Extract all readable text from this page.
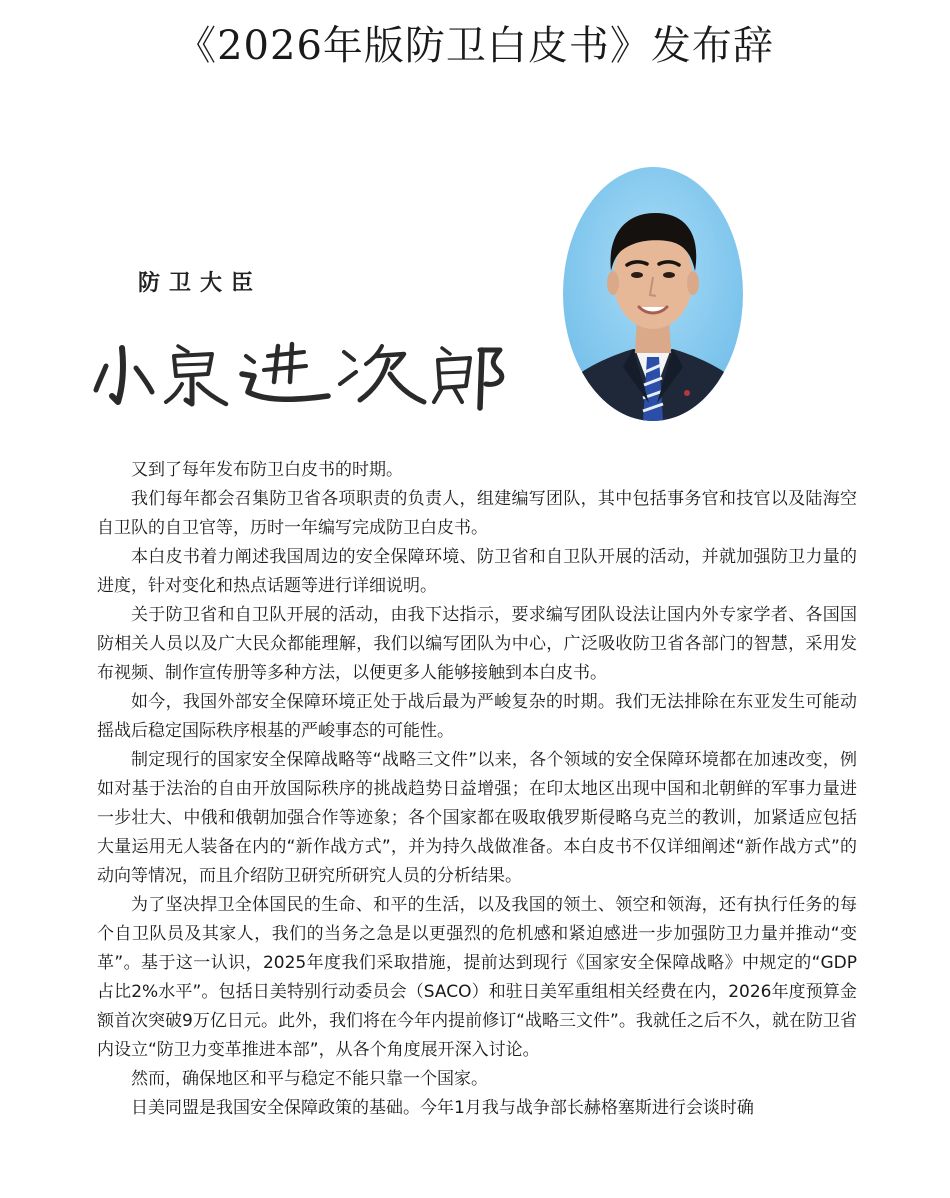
《2026年版防卫白皮书》发布辞
防卫大臣

又到了每年发布防卫白皮书的时期。

我们每年都会召集防卫省各项职责的负责人，组建编写团队，其中包括事务官和技官以及陆海空自卫队的自卫官等，历时一年编写完成防卫白皮书。

本白皮书着力阐述我国周边的安全保障环境、防卫省和自卫队开展的活动，并就加强防卫力量的进度，针对变化和热点话题等进行详细说明。

关于防卫省和自卫队开展的活动，由我下达指示，要求编写团队设法让国内外专家学者、各国国防相关人员以及广大民众都能理解，我们以编写团队为中心，广泛吸收防卫省各部门的智慧，采用发布视频、制作宣传册等多种方法，以便更多人能够接触到本白皮书。

如今，我国外部安全保障环境正处于战后最为严峻复杂的时期。我们无法排除在东亚发生可能动摇战后稳定国际秩序根基的严峻事态的可能性。

制定现行的国家安全保障战略等“战略三文件”以来，各个领域的安全保障环境都在加速改变，例如对基于法治的自由开放国际秩序的挑战趋势日益增强；在印太地区出现中国和北朝鲜的军事力量进一步壮大、中俄和俄朝加强合作等迹象；各个国家都在吸取俄罗斯侵略乌克兰的教训，加紧适应包括大量运用无人装备在内的“新作战方式”，并为持久战做准备。本白皮书不仅详细阐述“新作战方式”的动向等情况，而且介绍防卫研究所研究人员的分析结果。

为了坚决捍卫全体国民的生命、和平的生活，以及我国的领土、领空和领海，还有执行任务的每个自卫队员及其家人，我们的当务之急是以更强烈的危机感和紧迫感进一步加强防卫力量并推动“变革”。基于这一认识，2025年度我们采取措施，提前达到现行《国家安全保障战略》中规定的“GDP占比2%水平”。包括日美特别行动委员会（SACO）和驻日美军重组相关经费在内，2026年度预算金额首次突破9万亿日元。此外，我们将在今年内提前修订“战略三文件”。我就任之后不久，就在防卫省内设立“防卫力变革推进本部”，从各个角度展开深入讨论。

然而，确保地区和平与稳定不能只靠一个国家。

日美同盟是我国安全保障政策的基础。今年1月我与战争部长赫格塞斯进行会谈时确
